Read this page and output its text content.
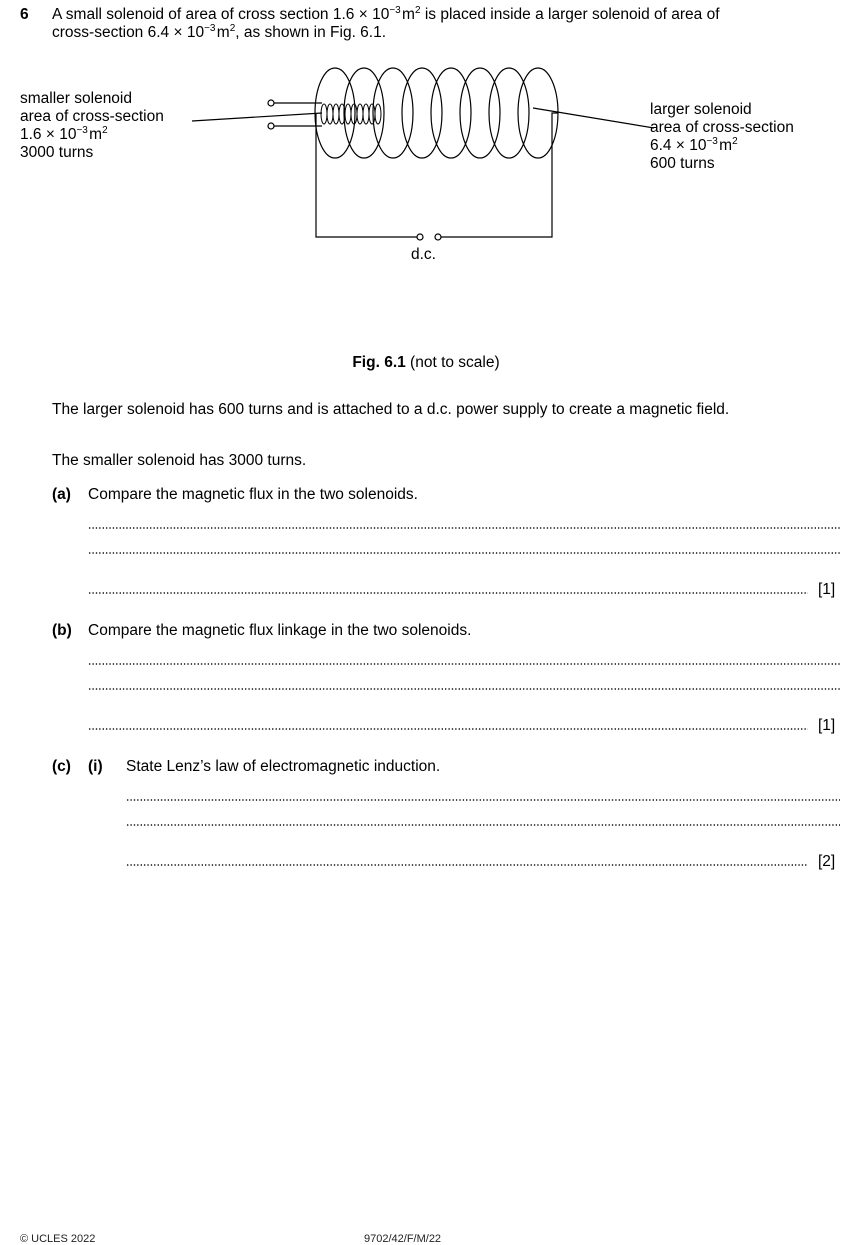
6 A small solenoid of area of cross section $1.6 \times 10^{-3}$ $m^2$ is placed inside a larger solenoid of area of
cross-section $6.4 \times 10^{-3}$ $m^2$, as shown in Fig. 6.1.
smaller solenoid
area of cross-section
$1.6 \times 10^{-3}$ $m^2$
3000 turns
larger solenoid
area of cross-section
$6.4 \times 10^{-3}$ $m^2$
600 turns
d.c.
Fig. 6.1 (not to scale)
The larger solenoid has 600 turns and is attached to a d.c. power supply to create a magnetic field.
The smaller solenoid has 3000 turns.
(a) Compare the magnetic flux in the two solenoids.
[1]
(b) Compare the magnetic flux linkage in the two solenoids.
[1]
(c) (i) State Lenz’s law of electromagnetic induction.
[2]
© UCLES 2022	9702/42/F/M/22
